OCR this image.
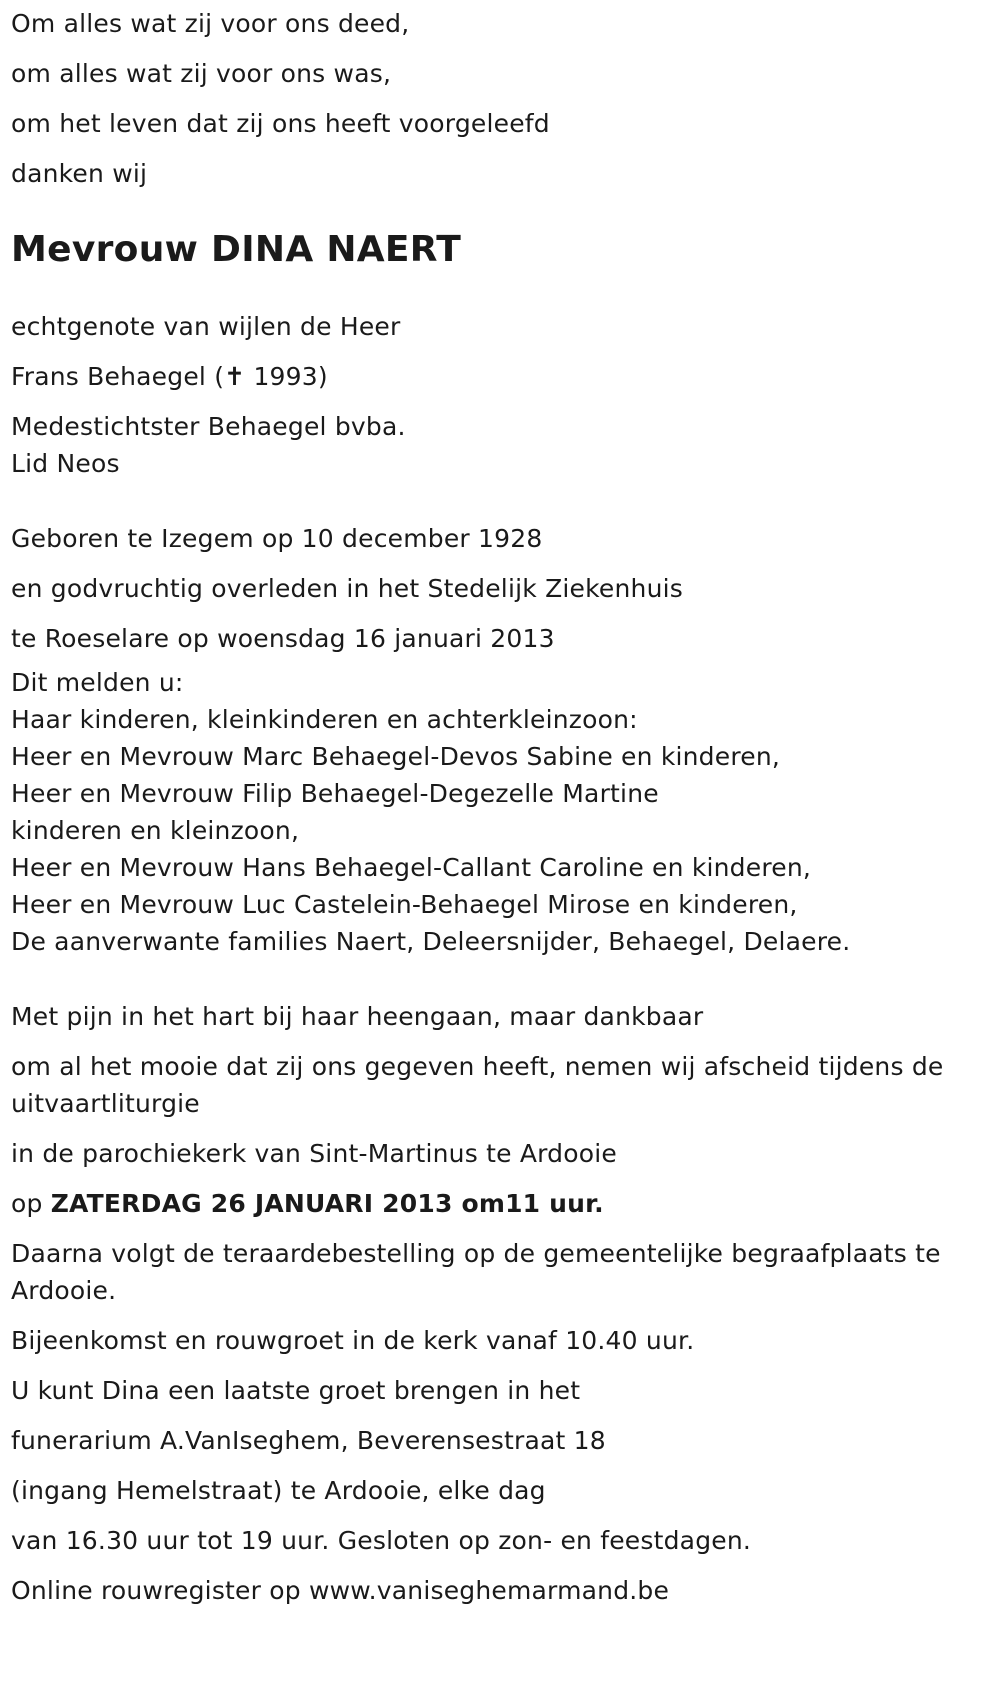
Om alles wat zij voor ons deed,

om alles wat zij voor ons was,

om het leven dat zij ons heeft voorgeleefd

danken wij

Mevrouw DINA NAERT

echtgenote van wijlen de Heer

Frans Behaegel (✝ 1993)

Medestichtster Behaegel bvba.

Lid Neos

Geboren te Izegem op 10 december 1928

en godvruchtig overleden in het Stedelijk Ziekenhuis

te Roeselare op woensdag 16 januari 2013

Dit melden u:

Haar kinderen, kleinkinderen en achterkleinzoon:

Heer en Mevrouw Marc Behaegel-Devos Sabine en kinderen,

Heer en Mevrouw Filip Behaegel-Degezelle Martine

kinderen en kleinzoon,

Heer en Mevrouw Hans Behaegel-Callant Caroline en kinderen,

Heer en Mevrouw Luc Castelein-Behaegel Mirose en kinderen,

De aanverwante families Naert, Deleersnijder, Behaegel, Delaere.

Met pijn in het hart bij haar heengaan, maar dankbaar

om al het mooie dat zij ons gegeven heeft, nemen wij afscheid tijdens de uitvaartliturgie

in de parochiekerk van Sint-Martinus te Ardooie

op ZATERDAG 26 JANUARI 2013 om11 uur.

Daarna volgt de teraardebestelling op de gemeentelijke begraafplaats te Ardooie.

Bijeenkomst en rouwgroet in de kerk vanaf 10.40 uur.

U kunt Dina een laatste groet brengen in het

funerarium A.VanIseghem, Beverensestraat 18

(ingang Hemelstraat) te Ardooie, elke dag

van 16.30 uur tot 19 uur. Gesloten op zon- en feestdagen.

Online rouwregister op www.vaniseghemarmand.be
